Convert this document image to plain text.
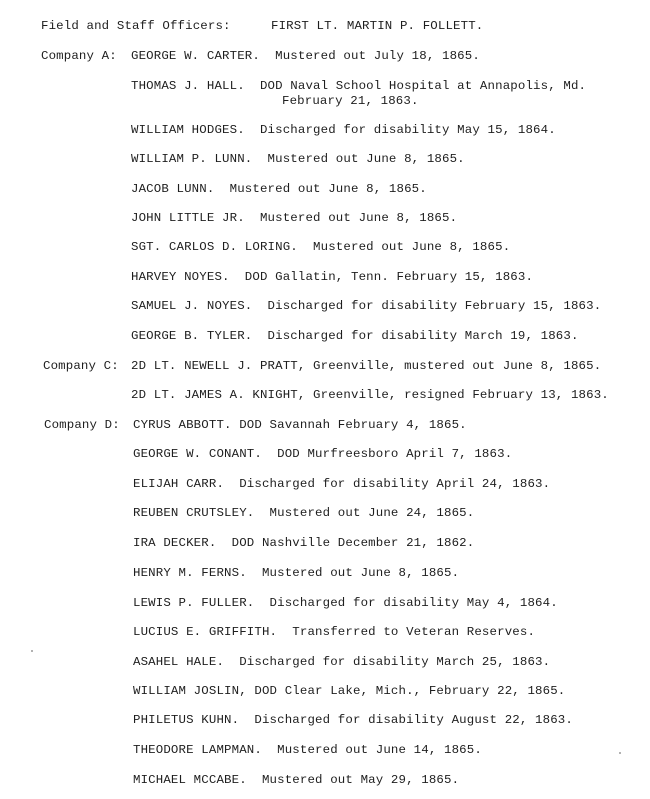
Field and Staff Officers:	FIRST LT. MARTIN P. FOLLETT.
Company A: GEORGE W. CARTER.  Mustered out July 18, 1865.
THOMAS J. HALL.  DOD Naval School Hospital at Annapolis, Md.
February 21, 1863.
WILLIAM HODGES.  Discharged for disability May 15, 1864.
WILLIAM P. LUNN.  Mustered out June 8, 1865.
JACOB LUNN.  Mustered out June 8, 1865.
JOHN LITTLE JR.  Mustered out June 8, 1865.
SGT. CARLOS D. LORING.  Mustered out June 8, 1865.
HARVEY NOYES.  DOD Gallatin, Tenn. February 15, 1863.
SAMUEL J. NOYES.  Discharged for disability February 15, 1863.
GEORGE B. TYLER.  Discharged for disability March 19, 1863.
Company C: 2D LT. NEWELL J. PRATT, Greenville, mustered out June 8, 1865.
2D LT. JAMES A. KNIGHT, Greenville, resigned February 13, 1863.
Company D: CYRUS ABBOTT. DOD Savannah February 4, 1865.
GEORGE W. CONANT.  DOD Murfreesboro April 7, 1863.
ELIJAH CARR.  Discharged for disability April 24, 1863.
REUBEN CRUTSLEY.  Mustered out June 24, 1865.
IRA DECKER.  DOD Nashville December 21, 1862.
HENRY M. FERNS.  Mustered out June 8, 1865.
LEWIS P. FULLER.  Discharged for disability May 4, 1864.
LUCIUS E. GRIFFITH.  Transferred to Veteran Reserves.
ASAHEL HALE.  Discharged for disability March 25, 1863.
WILLIAM JOSLIN, DOD Clear Lake, Mich., February 22, 1865.
PHILETUS KUHN.  Discharged for disability August 22, 1863.
THEODORE LAMPMAN.  Mustered out June 14, 1865.
MICHAEL MCCABE.  Mustered out May 29, 1865.
